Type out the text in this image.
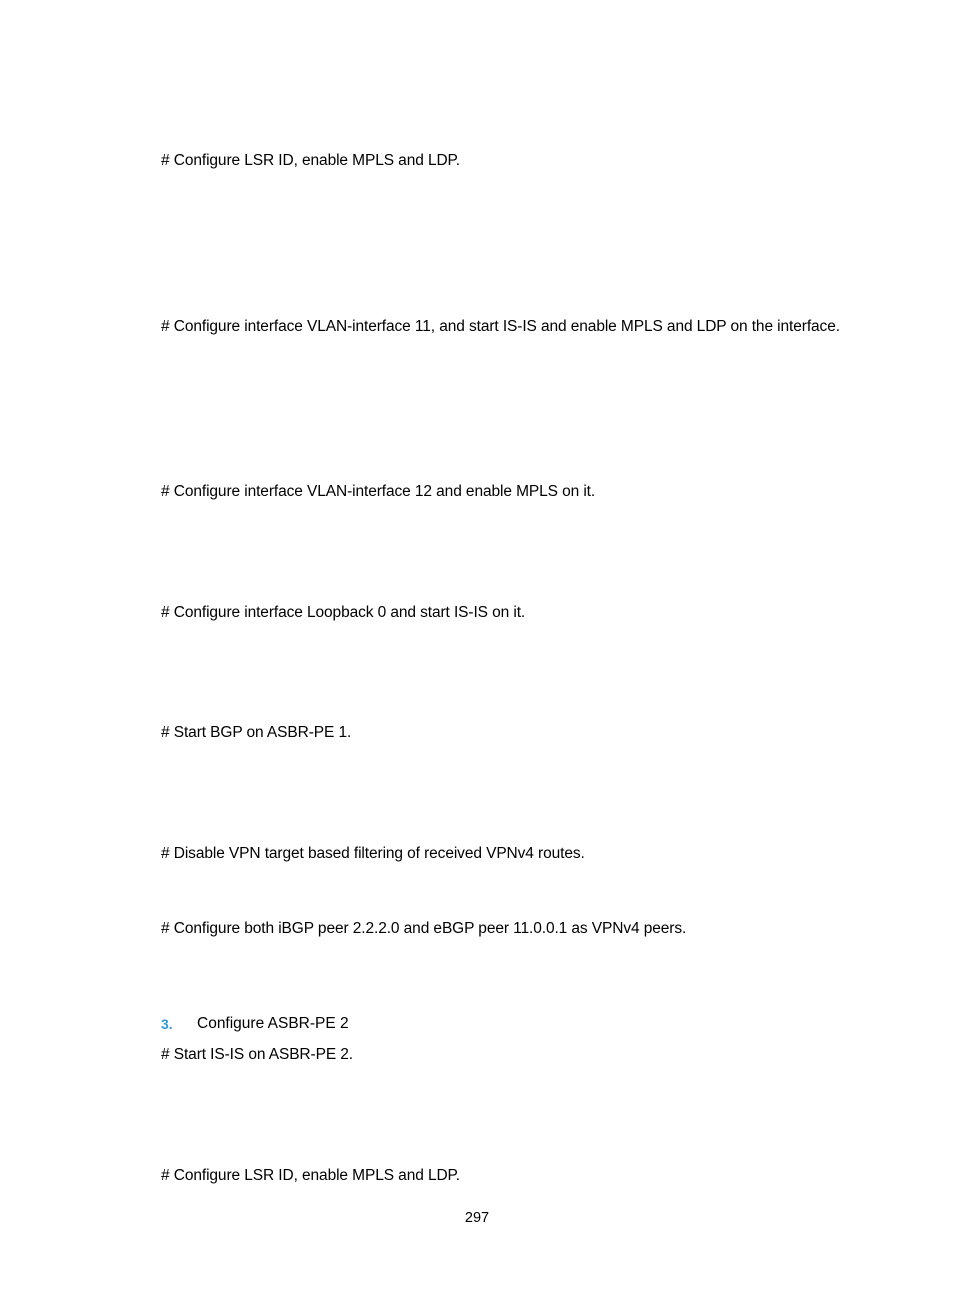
# Configure LSR ID, enable MPLS and LDP.
# Configure interface VLAN-interface 11, and start IS-IS and enable MPLS and LDP on the interface.
# Configure interface VLAN-interface 12 and enable MPLS on it.
# Configure interface Loopback 0 and start IS-IS on it.
# Start BGP on ASBR-PE 1.
# Disable VPN target based filtering of received VPNv4 routes.
# Configure both iBGP peer 2.2.2.0 and eBGP peer 11.0.0.1 as VPNv4 peers.
3. Configure ASBR-PE 2
# Start IS-IS on ASBR-PE 2.
# Configure LSR ID, enable MPLS and LDP.
297
